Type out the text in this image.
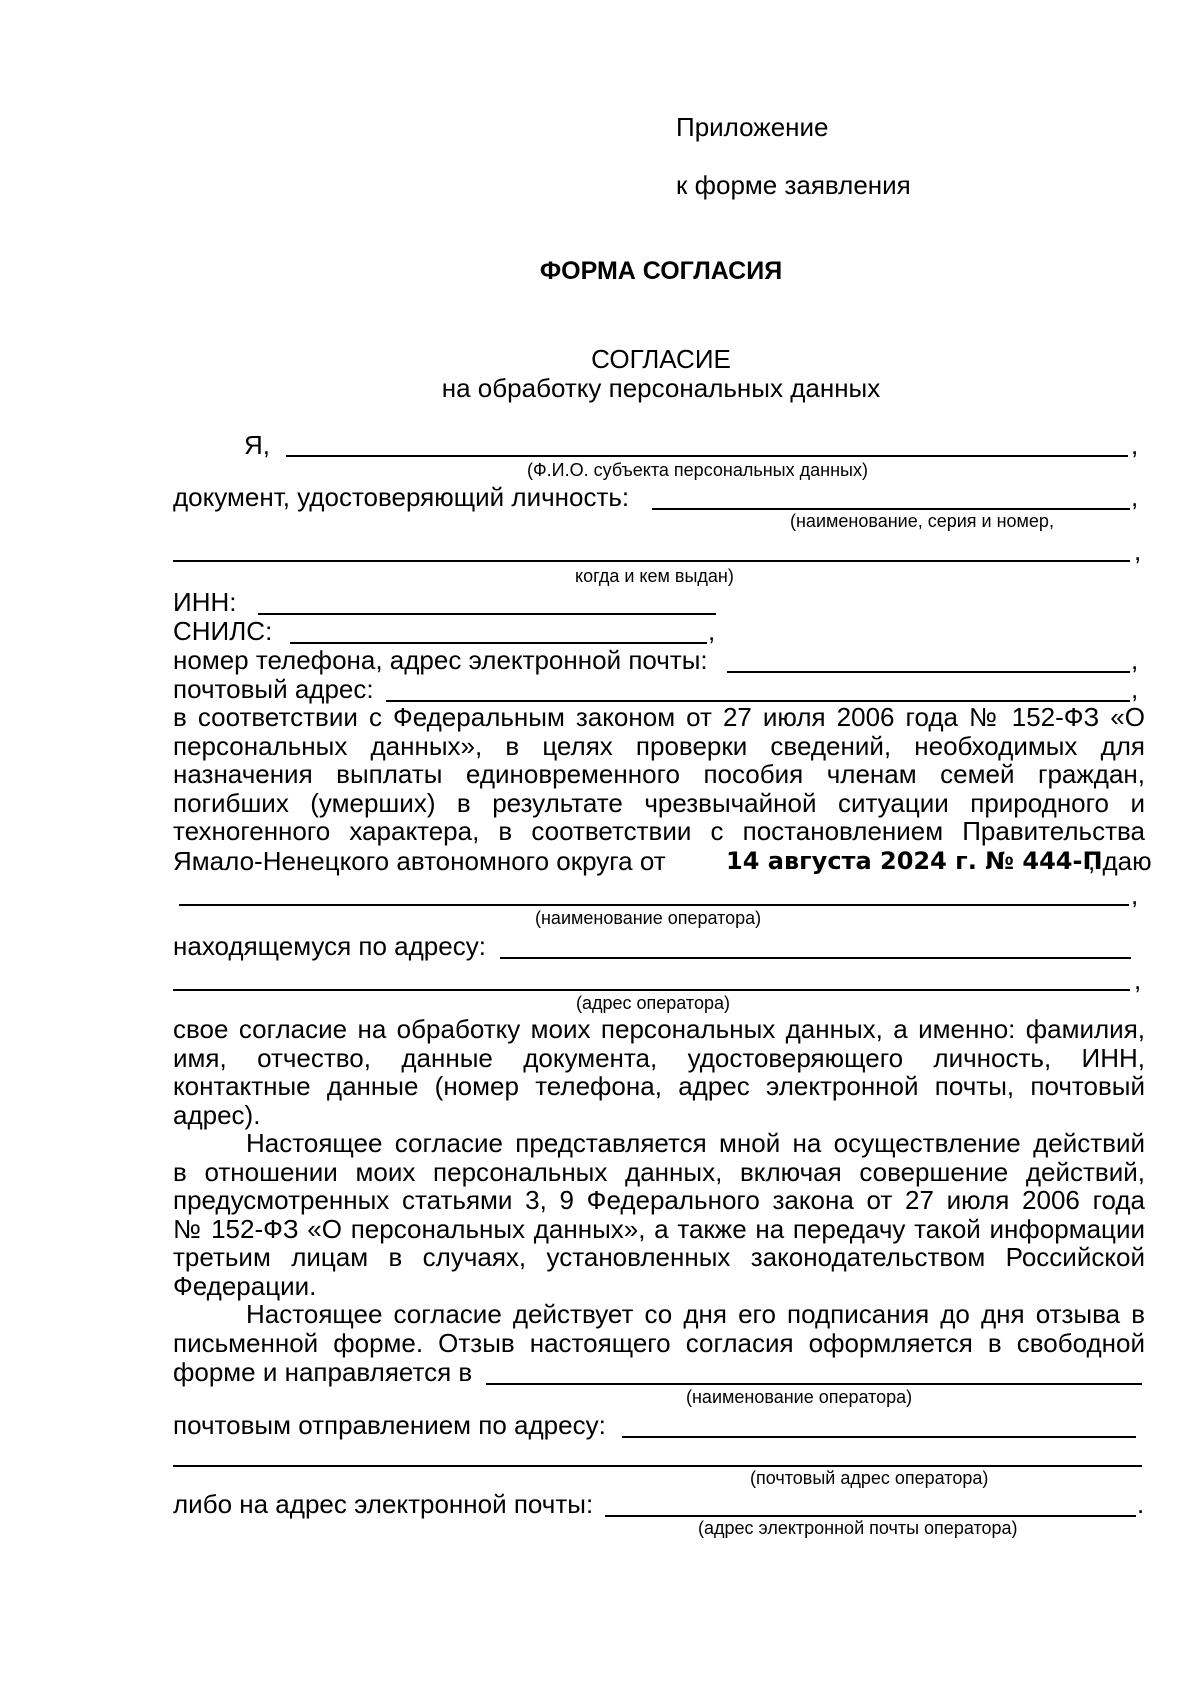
Приложение
к форме заявления
ФОРМА СОГЛАСИЯ
СОГЛАСИЕ
на обработку персональных данных
Я,	,
(Ф.И.О. субъекта персональных данных)
документ, удостоверяющий личность:	,
(наименование, серия и номер,
,
когда и кем выдан)
ИНН:
СНИЛС:	,
номер телефона, адрес электронной почты:	,
почтовый адрес:	,
в соответствии с Федеральным законом от 27 июля 2006 года № 152-ФЗ «О
персональных данных», в целях проверки сведений, необходимых для
назначения выплаты единовременного пособия членам семей граждан,
погибших (умерших) в результате чрезвычайной ситуации природного и
техногенного характера, в соответствии с постановлением Правительства
Ямало-Ненецкого автономного округа от	14 августа 2024 г. № 444-П
, даю
,
(наименование оператора)
находящемуся по адресу:
,
(адрес оператора)
свое согласие на обработку моих персональных данных, а именно: фамилия,
имя, отчество, данные документа, удостоверяющего личность, ИНН,
контактные данные (номер телефона, адрес электронной почты, почтовый
адрес).
Настоящее согласие представляется мной на осуществление действий
в отношении моих персональных данных, включая совершение действий,
предусмотренных статьями 3, 9 Федерального закона от 27 июля 2006 года
№ 152-ФЗ «О персональных данных», а также на передачу такой информации
третьим лицам в случаях, установленных законодательством Российской
Федерации.
Настоящее согласие действует со дня его подписания до дня отзыва в
письменной форме. Отзыв настоящего согласия оформляется в свободной
форме и направляется в
(наименование оператора)
почтовым отправлением по адресу:
(почтовый адрес оператора)
либо на адрес электронной почты:	.
(адрес электронной почты оператора)
